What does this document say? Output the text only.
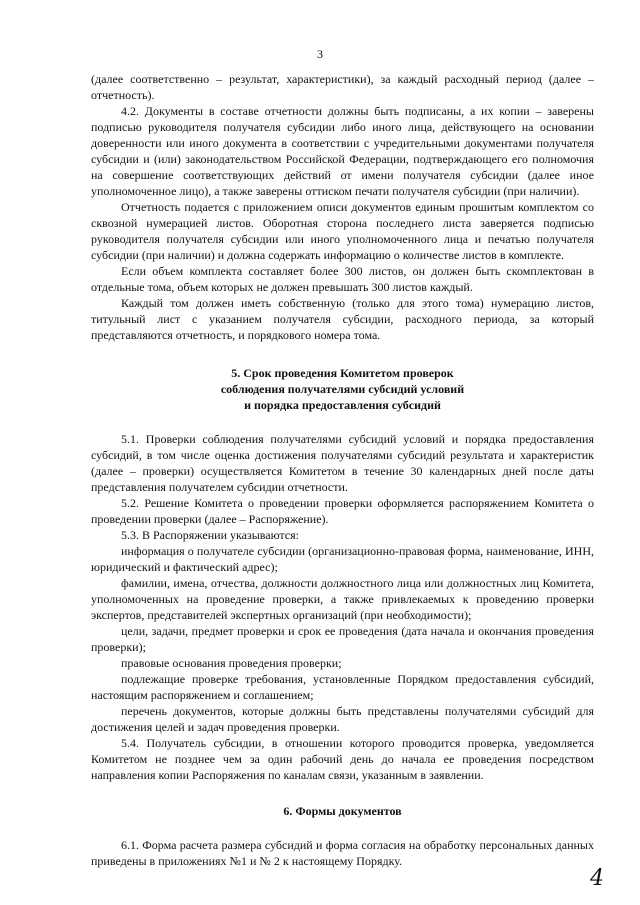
3

(далее соответственно – результат, характеристики), за каждый расходный период (далее – отчетность).

4.2. Документы в составе отчетности должны быть подписаны, а их копии – заверены подписью руководителя получателя субсидии либо иного лица, действующего на основании доверенности или иного документа в соответствии с учредительными документами получателя субсидии и (или) законодательством Российской Федерации, подтверждающего его полномочия на совершение соответствующих действий от имени получателя субсидии (далее иное уполномоченное лицо), а также заверены оттиском печати получателя субсидии (при наличии).

Отчетность подается с приложением описи документов единым прошитым комплектом со сквозной нумерацией листов. Оборотная сторона последнего листа заверяется подписью руководителя получателя субсидии или иного уполномоченного лица и печатью получателя субсидии (при наличии) и должна содержать информацию о количестве листов в комплекте.

Если объем комплекта составляет более 300 листов, он должен быть скомплектован в отдельные тома, объем которых не должен превышать 300 листов каждый.

Каждый том должен иметь собственную (только для этого тома) нумерацию листов, титульный лист с указанием получателя субсидии, расходного периода, за который представляются отчетность, и порядкового номера тома.

5. Срок проведения Комитетом проверок

соблюдения получателями субсидий условий

и порядка предоставления субсидий

5.1. Проверки соблюдения получателями субсидий условий и порядка предоставления субсидий, в том числе оценка достижения получателями субсидий результата и характеристик (далее – проверки) осуществляется Комитетом в течение 30 календарных дней после даты представления получателем субсидии отчетности.

5.2. Решение Комитета о проведении проверки оформляется распоряжением Комитета о проведении проверки (далее – Распоряжение).

5.3. В Распоряжении указываются:

информация о получателе субсидии (организационно-правовая форма, наименование, ИНН, юридический и фактический адрес);

фамилии, имена, отчества, должности должностного лица или должностных лиц Комитета, уполномоченных на проведение проверки, а также привлекаемых к проведению проверки экспертов, представителей экспертных организаций (при необходимости);

цели, задачи, предмет проверки и срок ее проведения (дата начала и окончания проведения проверки);

правовые основания проведения проверки;

подлежащие проверке требования, установленные Порядком предоставления субсидий, настоящим распоряжением и соглашением;

перечень документов, которые должны быть представлены получателями субсидий для достижения целей и задач проведения проверки.

5.4. Получатель субсидии, в отношении которого проводится проверка, уведомляется Комитетом не позднее чем за один рабочий день до начала ее проведения посредством направления копии Распоряжения по каналам связи, указанным в заявлении.

6. Формы документов

6.1. Форма расчета размера субсидий и форма согласия на обработку персональных данных приведены в приложениях №1 и № 2 к настоящему Порядку.

4
